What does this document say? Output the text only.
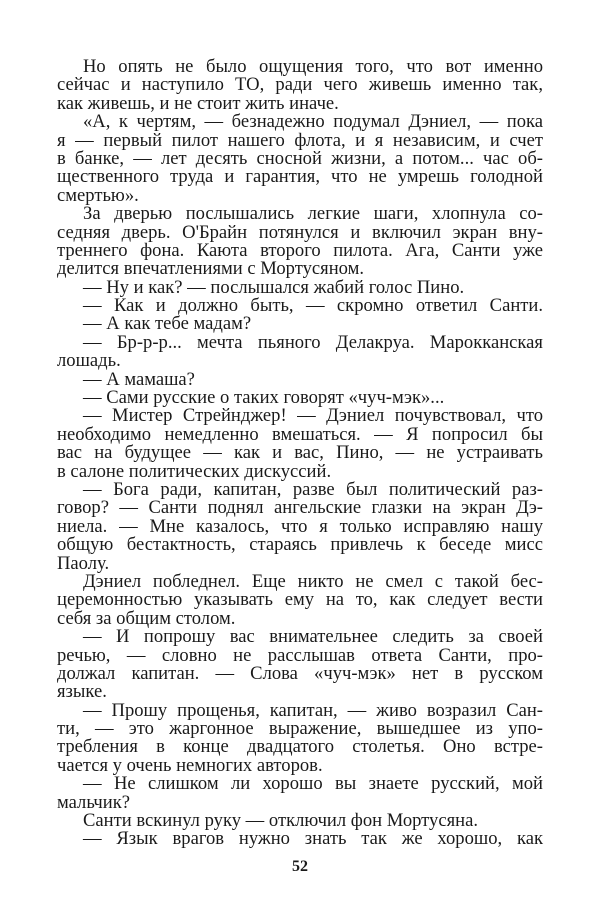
Но опять не было ощущения того, что вот именно
сейчас и наступило ТО, ради чего живешь именно так,
как живешь, и не стоит жить иначе.
«А, к чертям, — безнадежно подумал Дэниел, — пока
я — первый пилот нашего флота, и я независим, и счет
в банке, — лет десять сносной жизни, а потом... час об-
щественного труда и гарантия, что не умрешь голодной
смертью».
За дверью послышались легкие шаги, хлопнула со-
седняя дверь. О'Брайн потянулся и включил экран вну-
треннего фона. Каюта второго пилота. Ага, Санти уже
делится впечатлениями с Мортусяном.
— Ну и как? — послышался жабий голос Пино.
— Как и должно быть, — скромно ответил Санти.
— А как тебе мадам?
— Бр-р-р... мечта пьяного Делакруа. Марокканская
лошадь.
— А мамаша?
— Сами русские о таких говорят «чуч-мэк»...
— Мистер Стрейнджер! — Дэниел почувствовал, что
необходимо немедленно вмешаться. — Я попросил бы
вас на будущее — как и вас, Пино, — не устраивать
в салоне политических дискуссий.
— Бога ради, капитан, разве был политический раз-
говор? — Санти поднял ангельские глазки на экран Дэ-
ниела. — Мне казалось, что я только исправляю нашу
общую бестактность, стараясь привлечь к беседе мисс
Паолу.
Дэниел побледнел. Еще никто не смел с такой бес-
церемонностью указывать ему на то, как следует вести
себя за общим столом.
— И попрошу вас внимательнее следить за своей
речью, — словно не расслышав ответа Санти, про-
должал капитан. — Слова «чуч-мэк» нет в русском
языке.
— Прошу прощенья, капитан, — живо возразил Сан-
ти, — это жаргонное выражение, вышедшее из упо-
требления в конце двадцатого столетья. Оно встре-
чается у очень немногих авторов.
— Не слишком ли хорошо вы знаете русский, мой
мальчик?
Санти вскинул руку — отключил фон Мортусяна.
— Язык врагов нужно знать так же хорошо, как
52
